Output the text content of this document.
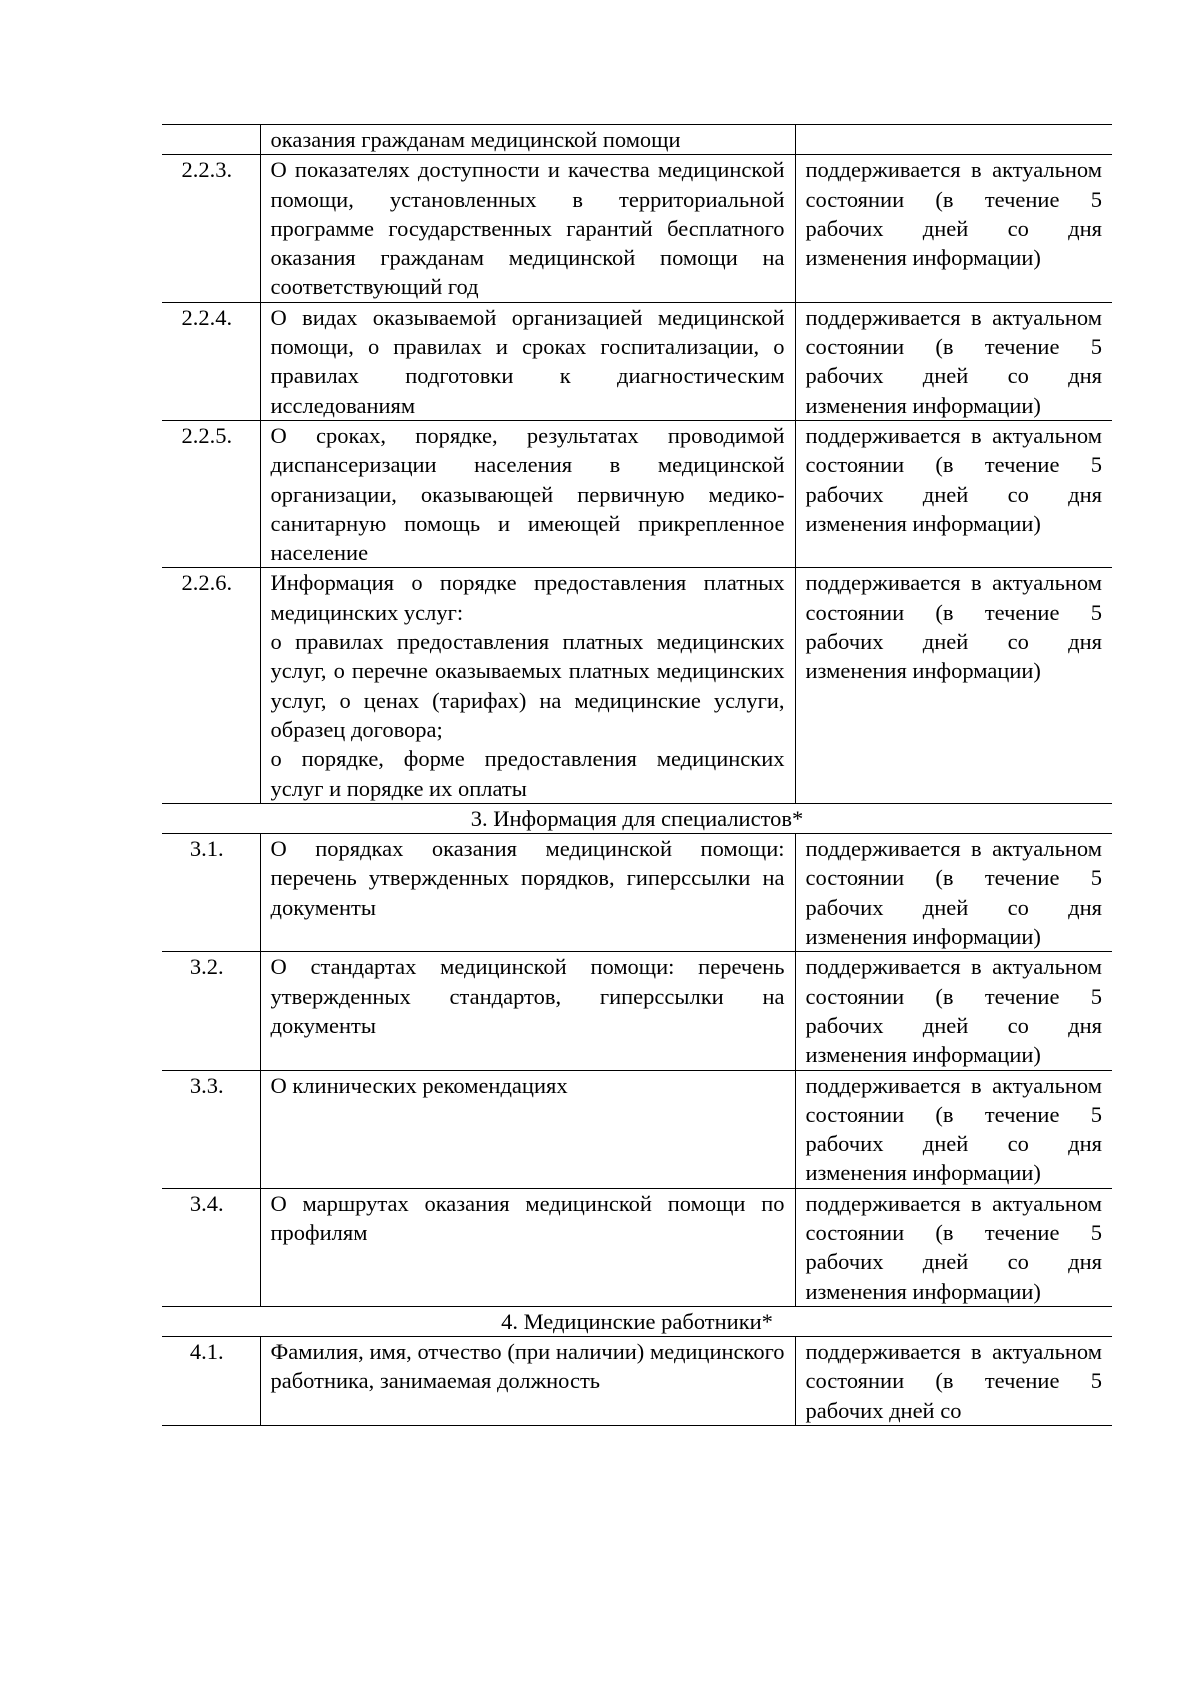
	оказания гражданам медицинской помощи	

2.2.3.	О показателях доступности и качества медицинской помощи, установленных в территориальной программе государственных гарантий бесплатного оказания гражданам медицинской помощи на соответствующий год	поддерживается в актуальном состоянии (в течение 5 рабочих дней со дня изменения информации)

2.2.4.	О видах оказываемой организацией медицинской помощи, о правилах и сроках госпитализации, о правилах подготовки к диагностическим исследованиям	поддерживается в актуальном состоянии (в течение 5 рабочих дней со дня изменения информации)

2.2.5.	О сроках, порядке, результатах проводимой диспансеризации населения в медицинской организации, оказывающей первичную медико-санитарную помощь и имеющей прикрепленное население	поддерживается в актуальном состоянии (в течение 5 рабочих дней со дня изменения информации)

2.2.6.	Информация о порядке предоставления платных медицинских услуг:
о правилах предоставления платных медицинских услуг, о перечне оказываемых платных медицинских услуг, о ценах (тарифах) на медицинские услуги, образец договора;
о порядке, форме предоставления медицинских услуг и порядке их оплаты	поддерживается в актуальном состоянии (в течение 5 рабочих дней со дня изменения информации)

3. Информация для специалистов*		
3.1.	О порядках оказания медицинской помощи: перечень утвержденных порядков, гиперссылки на документы	поддерживается в актуальном состоянии (в течение 5 рабочих дней со дня изменения информации)

3.2.	О стандартах медицинской помощи: перечень утвержденных стандартов, гиперссылки на документы	поддерживается в актуальном состоянии (в течение 5 рабочих дней со дня изменения информации)

3.3.	О клинических рекомендациях	поддерживается в актуальном состоянии (в течение 5 рабочих дней со дня изменения информации)

3.4.	О маршрутах оказания медицинской помощи по профилям	поддерживается в актуальном состоянии (в течение 5 рабочих дней со дня изменения информации)

4. Медицинские работники*		
4.1.	Фамилия, имя, отчество (при наличии) медицинского работника, занимаемая должность	поддерживается в актуальном состоянии (в течение 5 рабочих дней со
